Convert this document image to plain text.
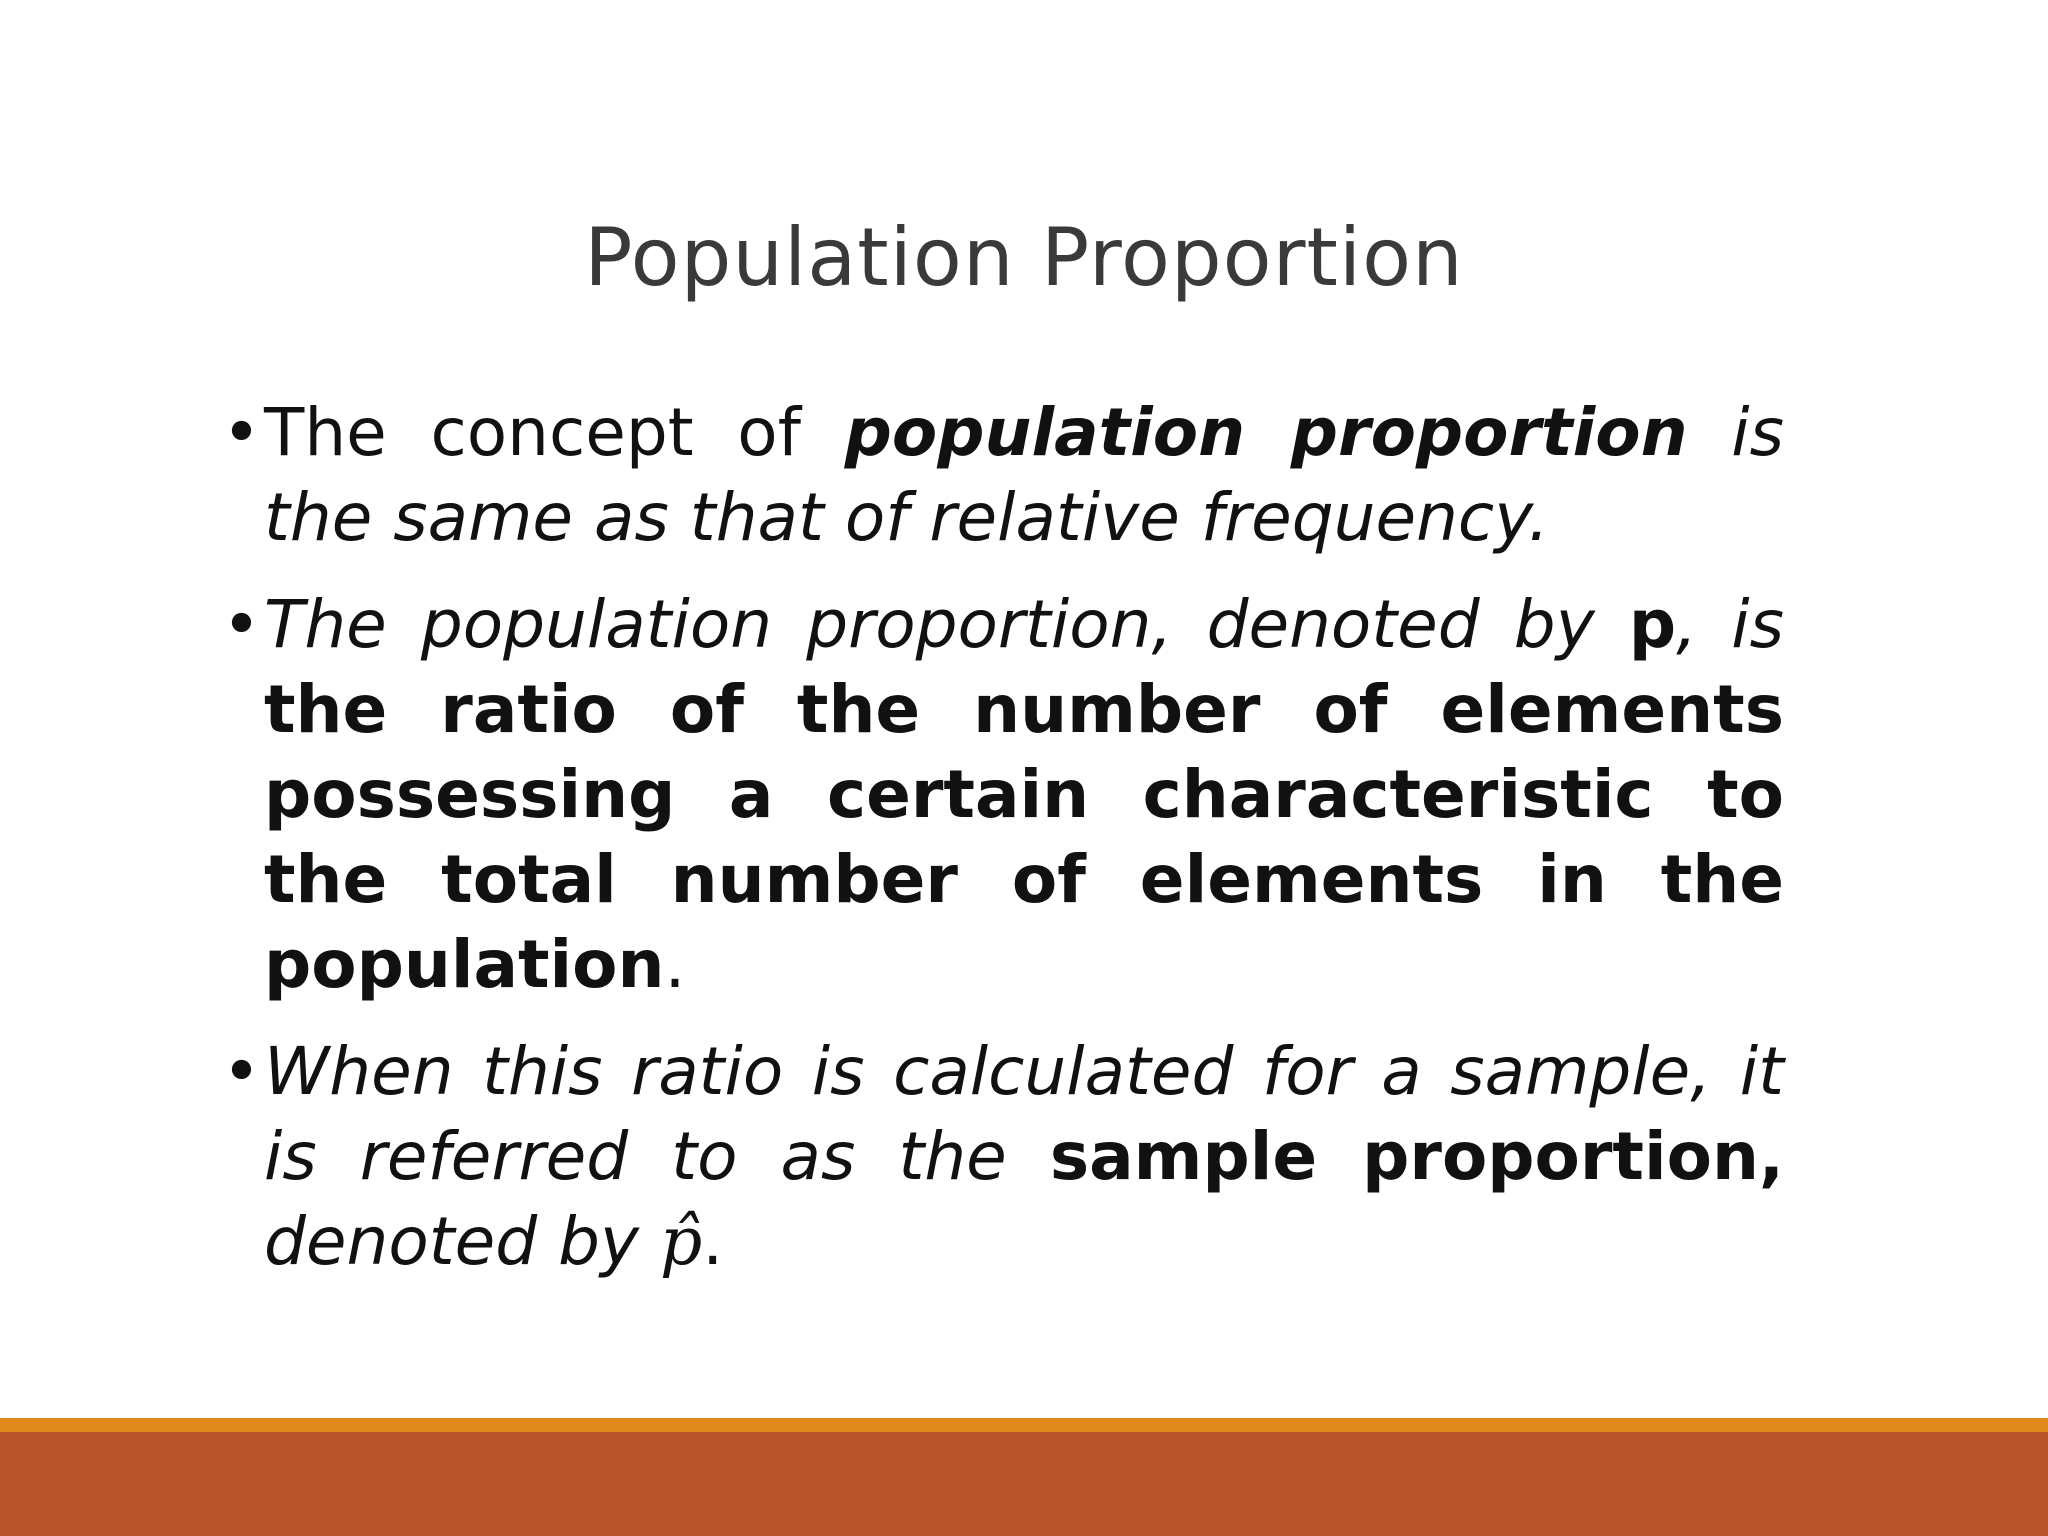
Population Proportion
• The concept of population proportion is the same as that of relative frequency.
• The population proportion, denoted by p, is the ratio of the number of elements possessing a certain characteristic to the total number of elements in the population.
• When this ratio is calculated for a sample, it is referred to as the sample proportion, denoted by p̂.
